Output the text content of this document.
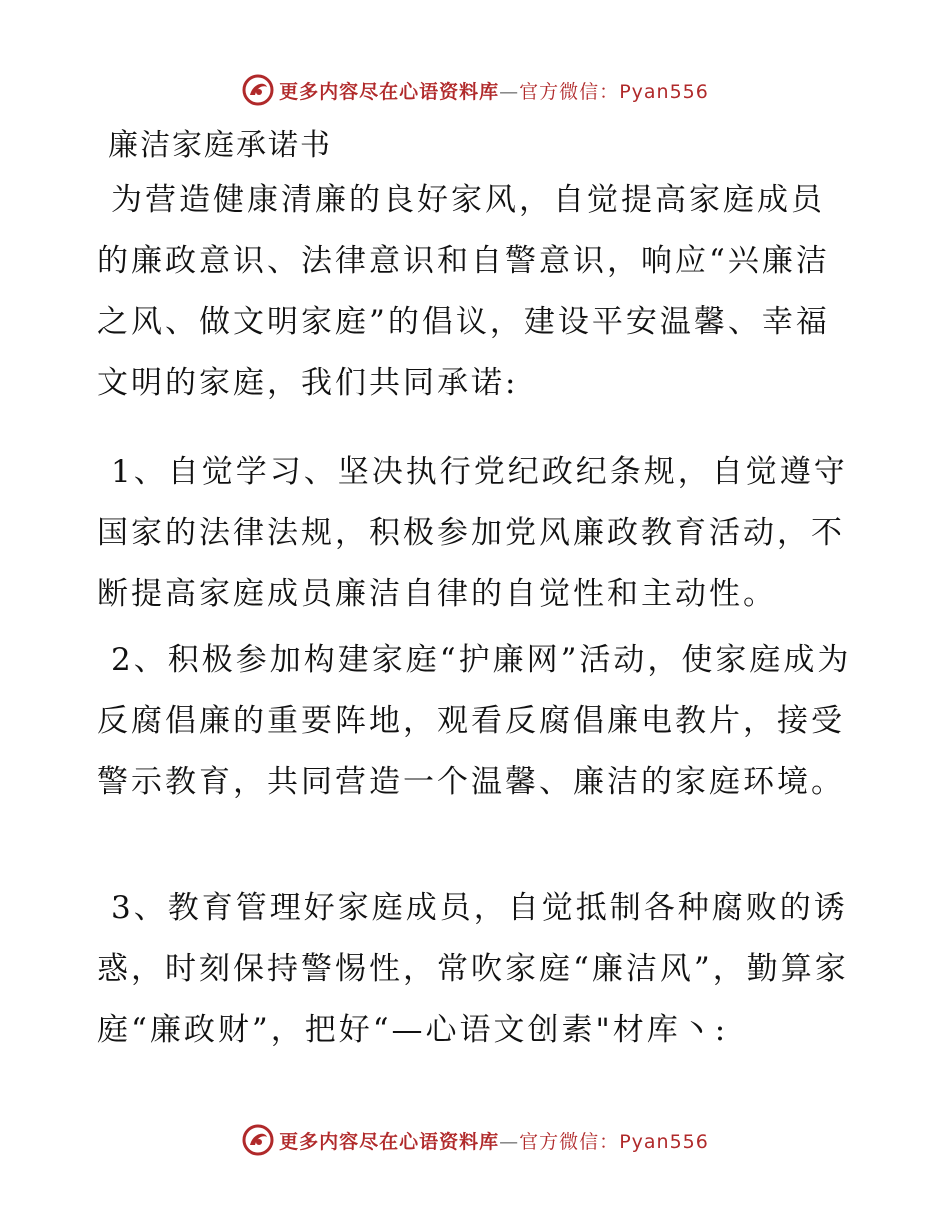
更多内容尽在心语资料库—官方微信：Pyan556
廉洁家庭承诺书

为营造健康清廉的良好家风，自觉提高家庭成员的廉政意识、法律意识和自警意识，响应“兴廉洁之风、做文明家庭”的倡议，建设平安温馨、幸福文明的家庭，我们共同承诺:

1、自觉学习、坚决执行党纪政纪条规，自觉遵守国家的法律法规，积极参加党风廉政教育活动，不断提高家庭成员廉洁自律的自觉性和主动性。

2、积极参加构建家庭“护廉网”活动，使家庭成为反腐倡廉的重要阵地，观看反腐倡廉电教片，接受警示教育，共同营造一个温馨、廉洁的家庭环境。

3、教育管理好家庭成员，自觉抵制各种腐败的诱惑，时刻保持警惕性，常吹家庭“廉洁风”，勤算家庭“廉政财”，把好“—心语文创素"材库丶:

更多内容尽在心语资料库—官方微信：Pyan556
